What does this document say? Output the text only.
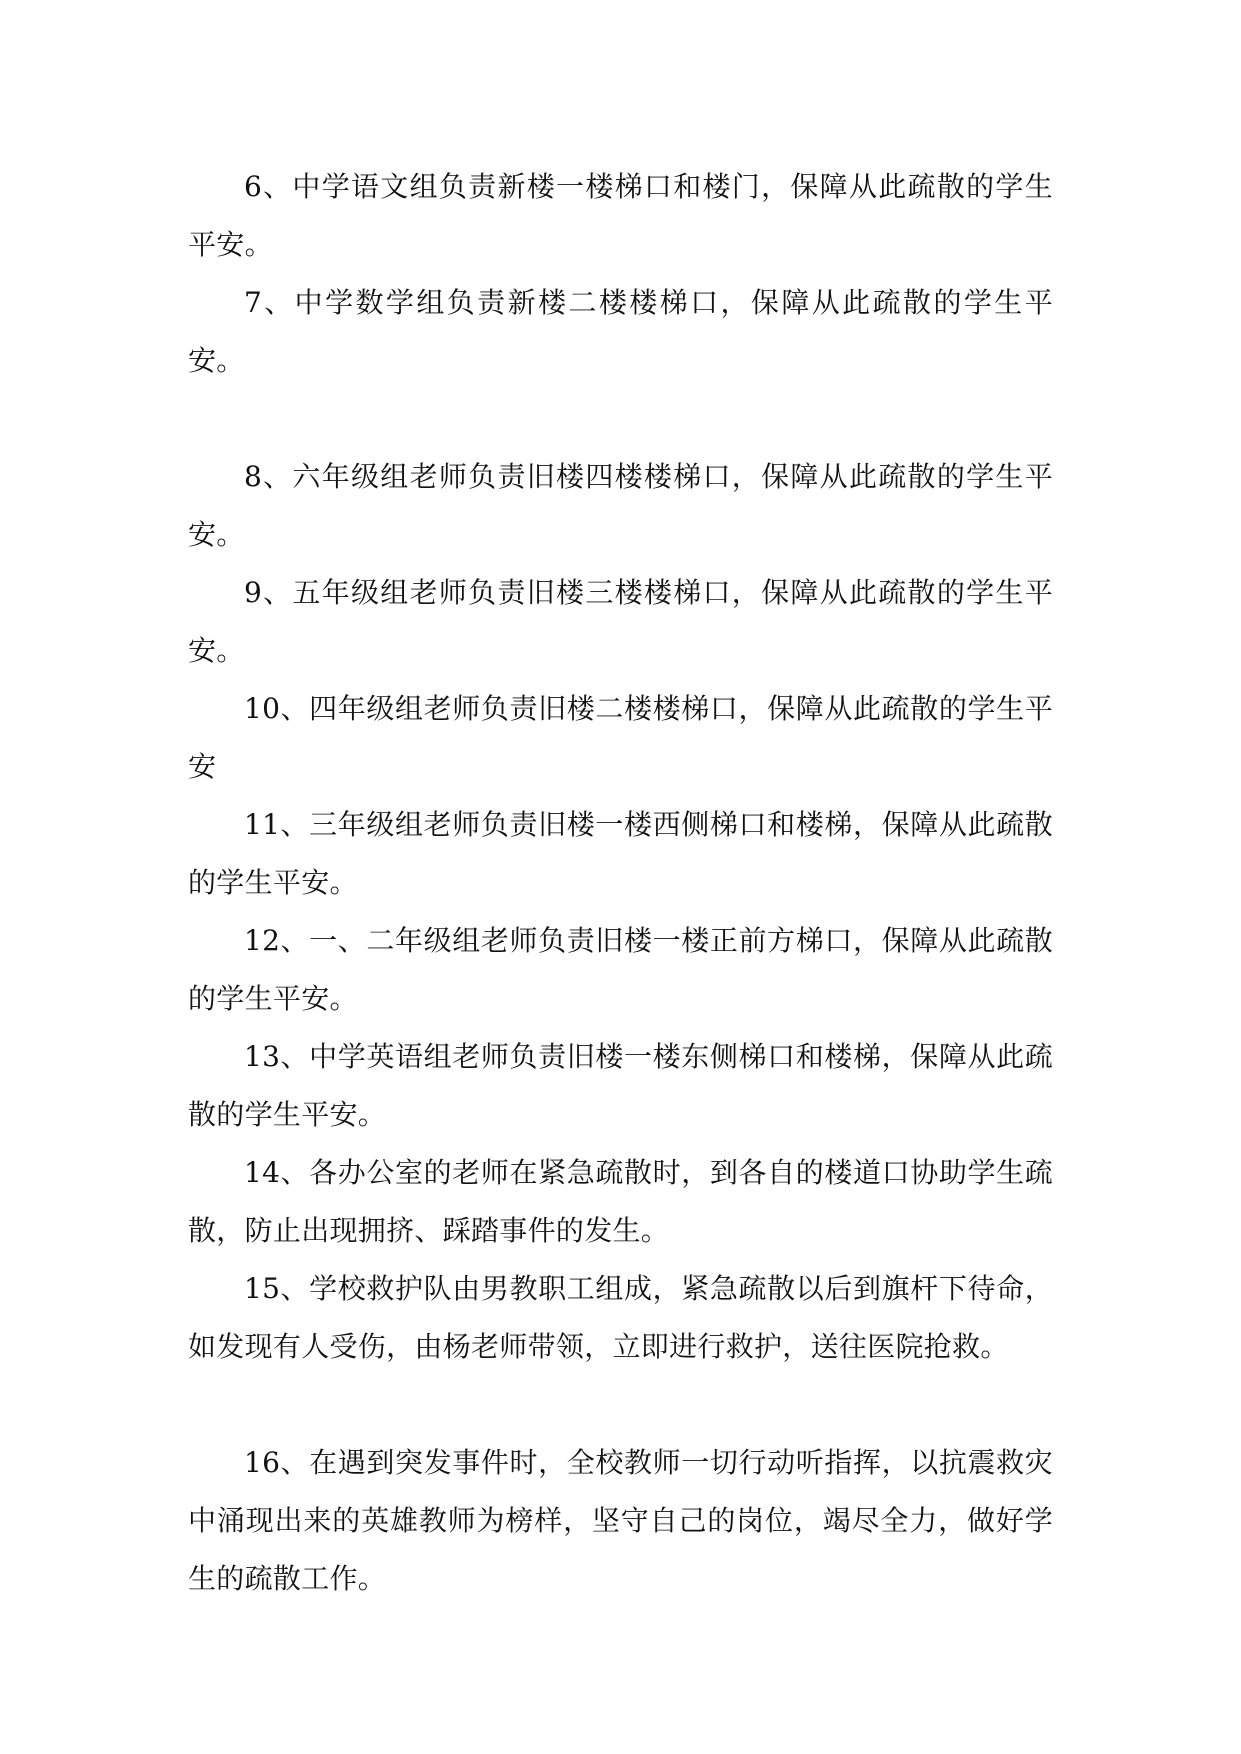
6、中学语文组负责新楼一楼梯口和楼门，保障从此疏散的学生平安。

7、中学数学组负责新楼二楼楼梯口，保障从此疏散的学生平安。

8、六年级组老师负责旧楼四楼楼梯口，保障从此疏散的学生平安。

9、五年级组老师负责旧楼三楼楼梯口，保障从此疏散的学生平安。

10、四年级组老师负责旧楼二楼楼梯口，保障从此疏散的学生平安

11、三年级组老师负责旧楼一楼西侧梯口和楼梯，保障从此疏散的学生平安。

12、一、二年级组老师负责旧楼一楼正前方梯口，保障从此疏散的学生平安。

13、中学英语组老师负责旧楼一楼东侧梯口和楼梯，保障从此疏散的学生平安。

14、各办公室的老师在紧急疏散时，到各自的楼道口协助学生疏散，防止出现拥挤、踩踏事件的发生。

15、学校救护队由男教职工组成，紧急疏散以后到旗杆下待命，如发现有人受伤，由杨老师带领，立即进行救护，送往医院抢救。

16、在遇到突发事件时，全校教师一切行动听指挥，以抗震救灾中涌现出来的英雄教师为榜样，坚守自己的岗位，竭尽全力，做好学生的疏散工作。
